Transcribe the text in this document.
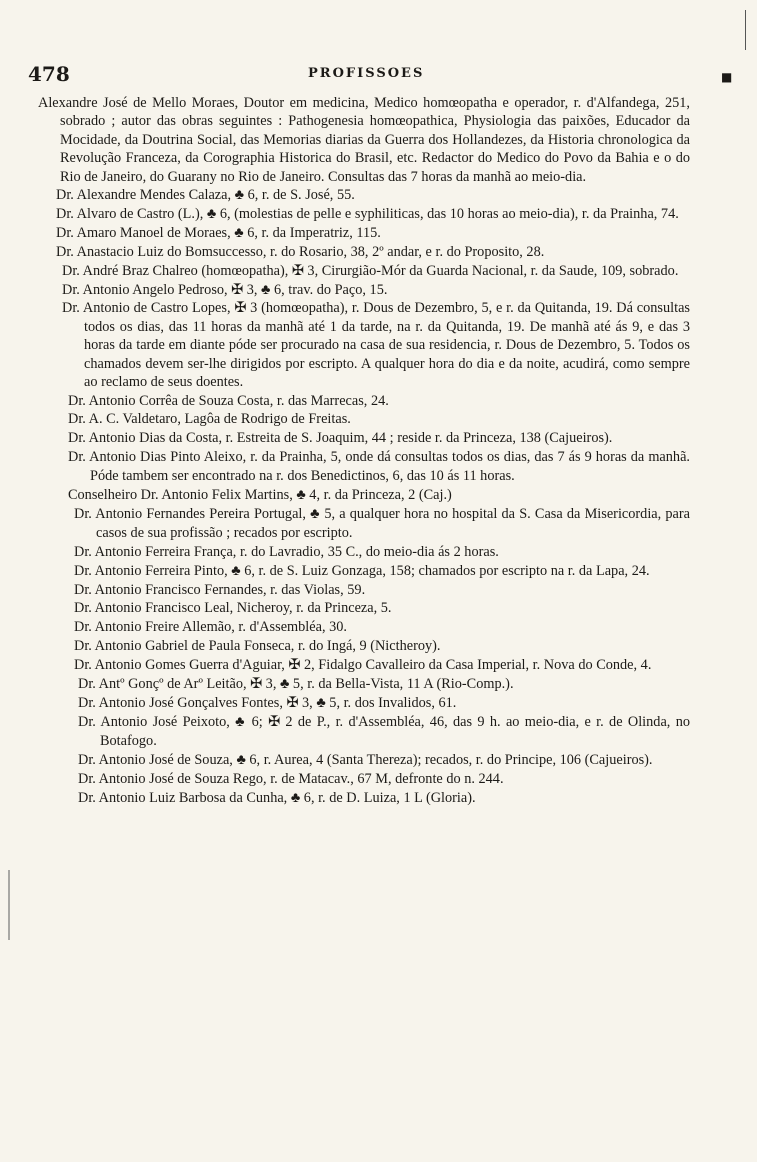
478	PROFISSOES	■

Alexandre José de Mello Moraes, Doutor em medicina, Medico homœopatha e operador, r. d'Alfandega, 251, sobrado ; autor das obras seguintes : Pathogenesia homœopathica, Physiologia das paixões, Educador da Mocidade, da Doutrina Social, das Memorias diarias da Guerra dos Hollandezes, da Historia chronologica da Revolução Franceza, da Corographia Historica do Brasil, etc. Redactor do Medico do Povo da Bahia e o do Rio de Janeiro, do Guarany no Rio de Janeiro. Consultas das 7 horas da manhã ao meio-dia.

Dr. Alexandre Mendes Calaza, ♣ 6, r. de S. José, 55.

Dr. Alvaro de Castro (L.), ♣ 6, (molestias de pelle e syphiliticas, das 10 horas ao meio-dia), r. da Prainha, 74.

Dr. Amaro Manoel de Moraes, ♣ 6, r. da Imperatriz, 115.

Dr. Anastacio Luiz do Bomsuccesso, r. do Rosario, 38, 2º andar, e r. do Proposito, 28.

Dr. André Braz Chalreo (homœopatha), ✠ 3, Cirurgião-Mór da Guarda Nacional, r. da Saude, 109, sobrado.

Dr. Antonio Angelo Pedroso, ✠ 3, ♣ 6, trav. do Paço, 15.

Dr. Antonio de Castro Lopes, ✠ 3 (homœopatha), r. Dous de Dezembro, 5, e r. da Quitanda, 19. Dá consultas todos os dias, das 11 horas da manhã até 1 da tarde, na r. da Quitanda, 19. De manhã até ás 9, e das 3 horas da tarde em diante póde ser procurado na casa de sua residencia, r. Dous de Dezembro, 5. Todos os chamados devem ser-lhe dirigidos por escripto. A qualquer hora do dia e da noite, acudirá, como sempre ao reclamo de seus doentes.

Dr. Antonio Corrêa de Souza Costa, r. das Marrecas, 24.

Dr. A. C. Valdetaro, Lagôa de Rodrigo de Freitas.

Dr. Antonio Dias da Costa, r. Estreita de S. Joaquim, 44 ; reside r. da Princeza, 138 (Cajueiros).

Dr. Antonio Dias Pinto Aleixo, r. da Prainha, 5, onde dá consultas todos os dias, das 7 ás 9 horas da manhã. Póde tambem ser encontrado na r. dos Benedictinos, 6, das 10 ás 11 horas.

Conselheiro Dr. Antonio Felix Martins, ♣ 4, r. da Princeza, 2 (Caj.)

Dr. Antonio Fernandes Pereira Portugal, ♣ 5, a qualquer hora no hospital da S. Casa da Misericordia, para casos de sua profissão ; recados por escripto.

Dr. Antonio Ferreira França, r. do Lavradio, 35 C., do meio-dia ás 2 horas.

Dr. Antonio Ferreira Pinto, ♣ 6, r. de S. Luiz Gonzaga, 158; chamados por escripto na r. da Lapa, 24.

Dr. Antonio Francisco Fernandes, r. das Violas, 59.

Dr. Antonio Francisco Leal, Nicheroy, r. da Princeza, 5.

Dr. Antonio Freire Allemão, r. d'Assembléa, 30.

Dr. Antonio Gabriel de Paula Fonseca, r. do Ingá, 9 (Nictheroy).

Dr. Antonio Gomes Guerra d'Aguiar, ✠ 2, Fidalgo Cavalleiro da Casa Imperial, r. Nova do Conde, 4.

Dr. Antº Gonçº de Arº Leitão, ✠ 3, ♣ 5, r. da Bella-Vista, 11 A (Rio-Comp.).

Dr. Antonio José Gonçalves Fontes, ✠ 3, ♣ 5, r. dos Invalidos, 61.

Dr. Antonio José Peixoto, ♣ 6; ✠ 2 de P., r. d'Assembléa, 46, das 9 h. ao meio-dia, e r. de Olinda, no Botafogo.

Dr. Antonio José de Souza, ♣ 6, r. Aurea, 4 (Santa Thereza); recados, r. do Principe, 106 (Cajueiros).

Dr. Antonio José de Souza Rego, r. de Matacav., 67 M, defronte do n. 244.

Dr. Antonio Luiz Barbosa da Cunha, ♣ 6, r. de D. Luiza, 1 L (Gloria).
